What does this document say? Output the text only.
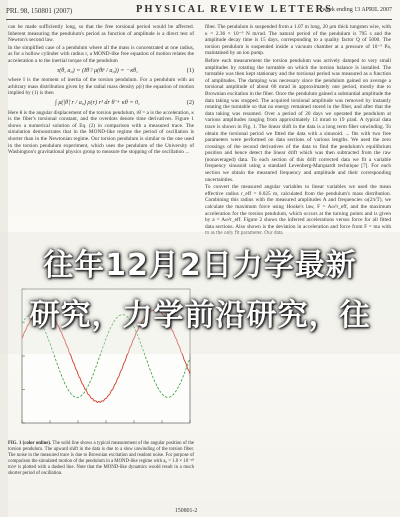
PRL 98, 150801 (2007)	PHYSICAL REVIEW LETTERS
week ending 13 APRIL 2007

can be made sufficiently long, so that the free torsional period would be affected. Inherent measuring the pendulum's period as function of amplitude is a direct test of Newton's second law.

In the simplified case of a pendulum where all the mass is concentrated at one radius, as for a hollow cylinder with radius r, a MOND-like free equation of motion relates the acceleration a to the inertial torque of the pendulum

τ(θ, a₀) = (Iθ̈ / μ(θ̈r / a₀)) = −κθ,	(1)

where I is the moment of inertia of the torsion pendulum. For a pendulum with an arbitrary mass distribution given by the radial mass density ρ(r) the equation of motion implied by (1) is then

∫ μ(|θ̈| r / a₀) ρ(r) r³ dr θ̈ + κθ = 0,	(2)

Here θ is the angular displacement of the torsion pendulum, rθ̈ = a is the acceleration, κ is the fiber's torsional constant, and the overdots denote time derivatives. Figure 1 shows a numerical solution of Eq. (2) in comparison with a measured trace. The simulation demonstrates that in the MOND-like regime the period of oscillation is shorter than in the Newtonian regime. Our torsion pendulum is similar to the one used in the torsion pendulum experiment, which uses the pendulum of the University of Washington's gravitational physics group to measure the stopping of the oscillation ...

FIG. 1 (color online). The solid line shows a typical measurement of the angular position of the torsion pendulum. The upward shift in the data is due to a slow unwinding of the torsion fiber. The noise in the measured trace is due to Brownian excitation and readout noise. For purpose of comparison the simulated motion of the pendulum in a MOND-like regime with a₀ = 1.0 × 10⁻¹⁰ m/s² is plotted with a dashed line. Note that the MOND-like dynamics would result in a much shorter period of oscillation.

fiber. The pendulum is suspended from a 1.07 m long, 20 μm thick tungsten wire, with κ = 2.36 × 10⁻⁹ N m/rad. The natural period of the pendulum is 795 s and the amplitude decay time is 15 days, corresponding to a quality factor Q of 5000. The torsion pendulum is suspended inside a vacuum chamber at a pressure of 10⁻⁵ Pa, maintained by an ion pump.

Before each measurement the torsion pendulum was actively damped to very small amplitudes by rotating the turntable on which the torsion balance is installed. The turntable was then kept stationary and the torsional period was measured as a function of amplitudes. The damping was necessary since the pendulum gained on average a torsional amplitude of about 60 mrad in approximately one period, mostly due to Brownian excitation in the fiber. Once the pendulum gained a substantial amplitude the data taking was stopped. The acquired torsional amplitude was removed by instantly rotating the turntable so that no energy remained stored in the fiber, and after that the data taking was resumed. Over a period of 20 days we operated the pendulum at various amplitudes ranging from approximately 13 mrad to 19 μrad. A typical data trace is shown in Fig. 1. The linear shift in the data is a long term fiber unwinding. To obtain the torsional period we fitted the data with a sinusoid. ... fits with two free parameters were performed on data sections of various lengths. We used the zero crossings of the second derivatives of the data to find the pendulum's equilibrium position and hence detect the linear drift which was then subtracted from the raw (nonaveraged) data. To each section of this drift corrected data we fit a variable frequency sinusoid using a standard Levenberg-Marquardt technique [7]. For each section we obtain the measured frequency and amplitude and their corresponding uncertainties.

To convert the measured angular variables to linear variables we used the mean effective radius r_eff = 0.025 m, calculated from the pendulum's mass distribution. Combining this radius with the measured amplitudes A and frequencies ω(2π/T), we calculate the maximum force using Hooke's law, F = Aω²r_eff, and the maximum acceleration for the torsion pendulum, which occurs at the turning points and is given by a = Aω²r_eff. Figure 2 shows the inferred accelerations versus force for all fitted data sections. Also shown is the deviation in acceleration and force from F = ma with m as the only fit parameter. Our data

150801-2
往年12月2日力学最新
研究，力学前沿研究，往
